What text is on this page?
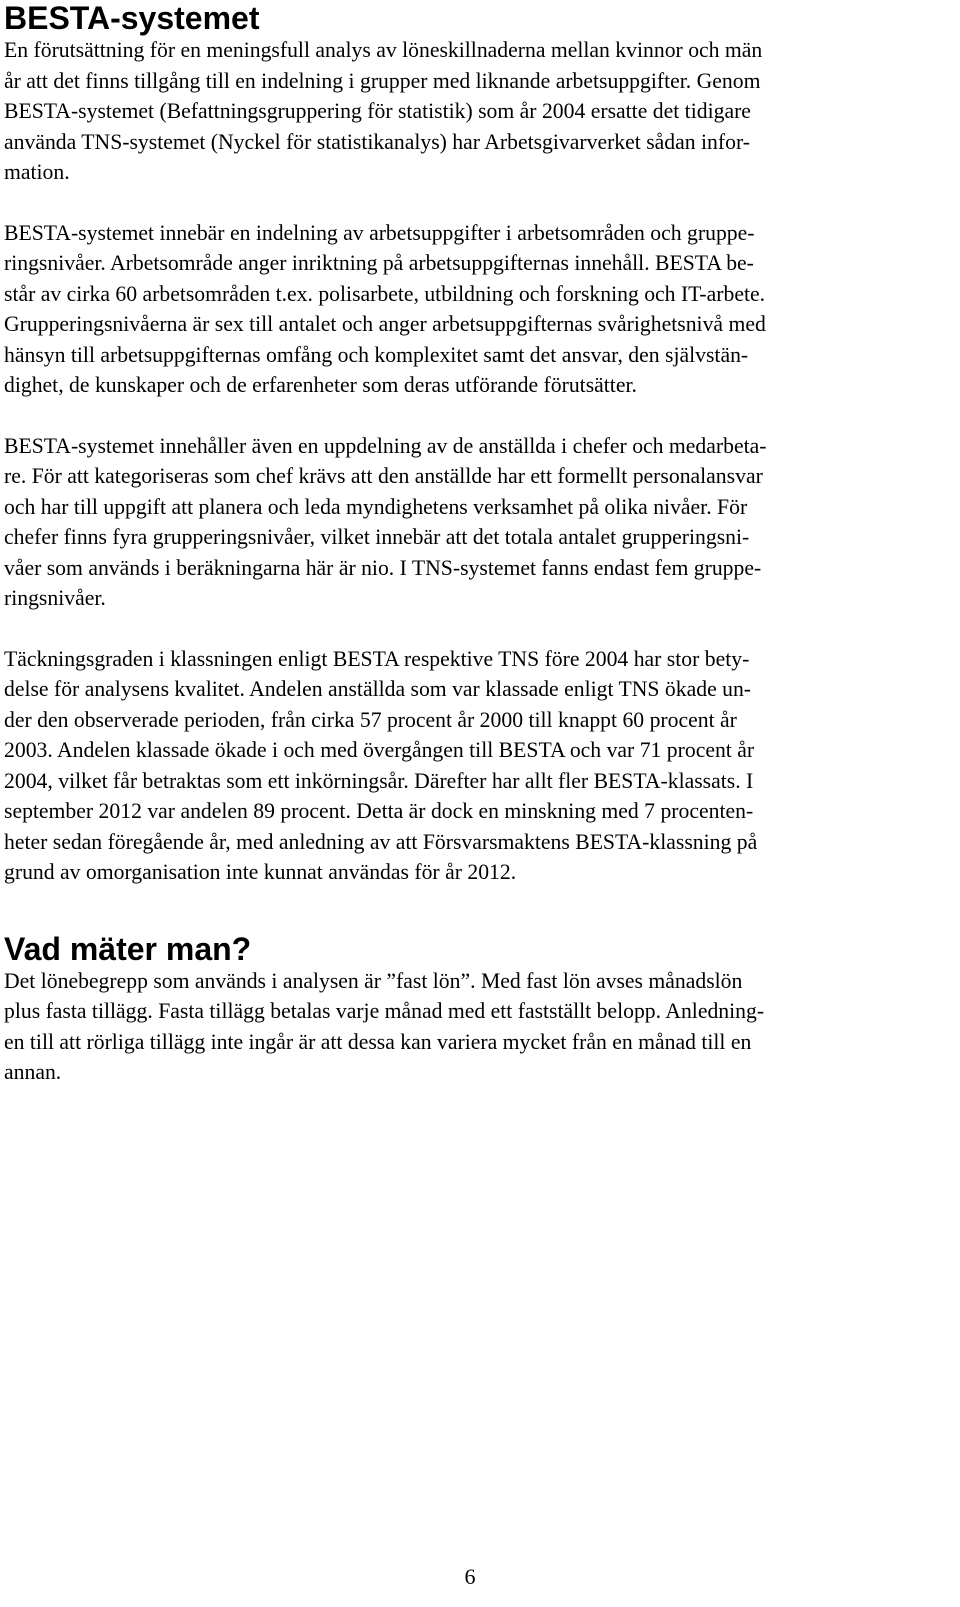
BESTA-systemet

En förutsättning för en meningsfull analys av löneskillnaderna mellan kvinnor och män
år att det finns tillgång till en indelning i grupper med liknande arbetsuppgifter. Genom
BESTA-systemet (Befattningsgruppering för statistik) som år 2004 ersatte det tidigare
använda TNS-systemet (Nyckel för statistikanalys) har Arbetsgivarverket sådan infor-
mation.

BESTA-systemet innebär en indelning av arbetsuppgifter i arbetsområden och gruppe-
ringsnivåer. Arbetsområde anger inriktning på arbetsuppgifternas innehåll. BESTA be-
står av cirka 60 arbetsområden t.ex. polisarbete, utbildning och forskning och IT-arbete.
Grupperingsnivåerna är sex till antalet och anger arbetsuppgifternas svårighetsnivå med
hänsyn till arbetsuppgifternas omfång och komplexitet samt det ansvar, den självstän-
dighet, de kunskaper och de erfarenheter som deras utförande förutsätter.

BESTA-systemet innehåller även en uppdelning av de anställda i chefer och medarbeta-
re. För att kategoriseras som chef krävs att den anställde har ett formellt personalansvar
och har till uppgift att planera och leda myndighetens verksamhet på olika nivåer. För
chefer finns fyra grupperingsnivåer, vilket innebär att det totala antalet grupperingsni-
våer som används i beräkningarna här är nio. I TNS-systemet fanns endast fem gruppe-
ringsnivåer.

Täckningsgraden i klassningen enligt BESTA respektive TNS före 2004 har stor bety-
delse för analysens kvalitet. Andelen anställda som var klassade enligt TNS ökade un-
der den observerade perioden, från cirka 57 procent år 2000 till knappt 60 procent år
2003. Andelen klassade ökade i och med övergången till BESTA och var 71 procent år
2004, vilket får betraktas som ett inkörningsår. Därefter har allt fler BESTA-klassats. I
september 2012 var andelen 89 procent. Detta är dock en minskning med 7 procenten-
heter sedan föregående år, med anledning av att Försvarsmaktens BESTA-klassning på
grund av omorganisation inte kunnat användas för år 2012.

Vad mäter man?

Det lönebegrepp som används i analysen är ”fast lön”. Med fast lön avses månadslön
plus fasta tillägg. Fasta tillägg betalas varje månad med ett fastställt belopp. Anledning-
en till att rörliga tillägg inte ingår är att dessa kan variera mycket från en månad till en
annan.

6
